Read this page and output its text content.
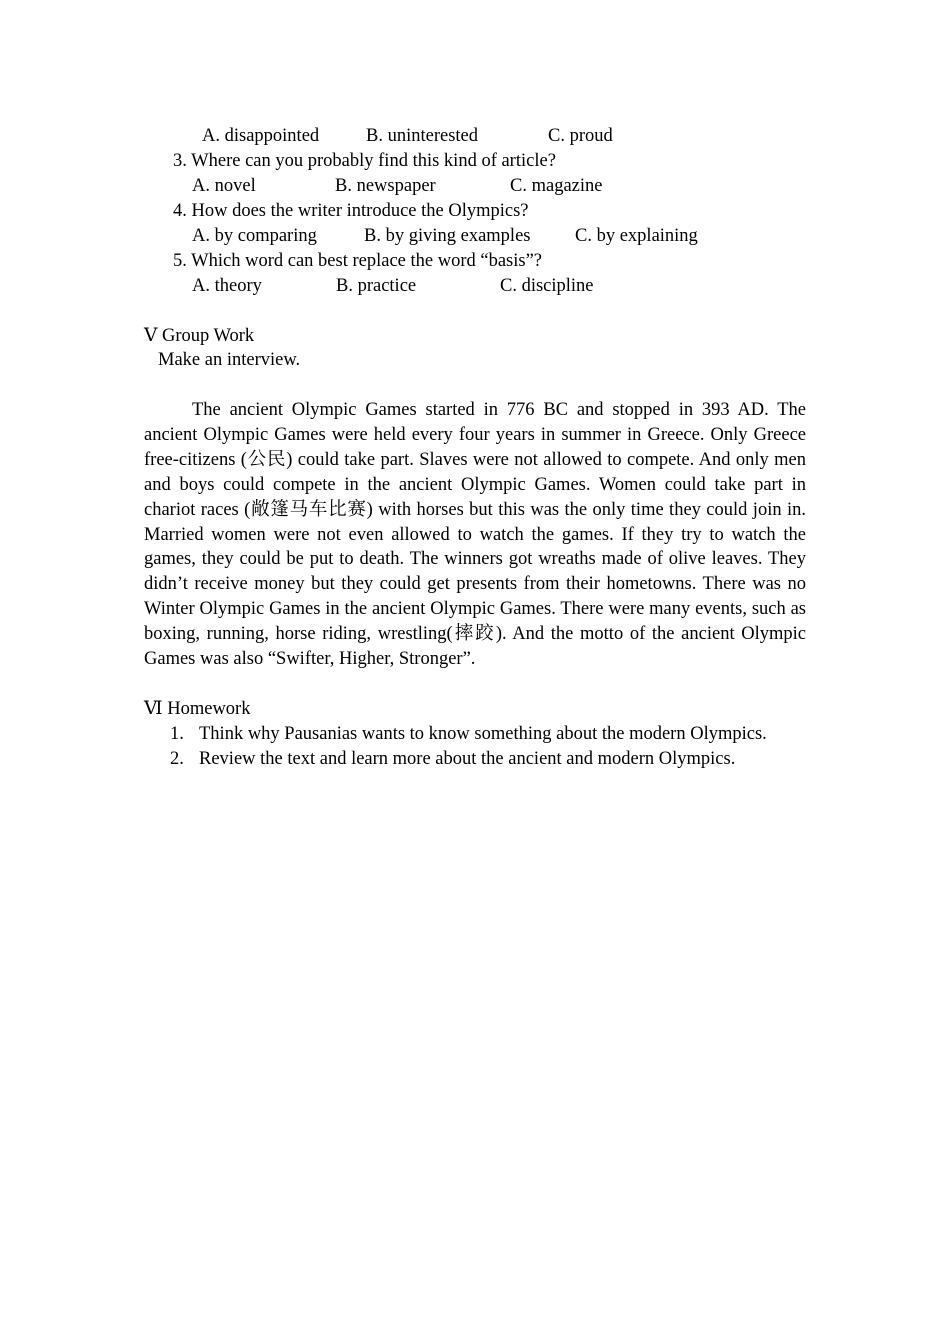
A. disappointed	B. uninterested	C. proud
3. Where can you probably find this kind of article?
A. novel	B. newspaper	C. magazine
4. How does the writer introduce the Olympics?
A. by comparing	B. by giving examples C. by explaining
5. Which word can best replace the word “basis”?
A. theory	B. practice	C. discipline
Ⅴ Group Work
Make an interview.

The ancient Olympic Games started in 776 BC and stopped in 393 AD. The ancient Olympic Games were held every four years in summer in Greece. Only Greece free-citizens (公民) could take part. Slaves were not allowed to compete. And only men and boys could compete in the ancient Olympic Games. Women could take part in chariot races (敞篷马车比赛) with horses but this was the only time they could join in. Married women were not even allowed to watch the games. If they try to watch the games, they could be put to death. The winners got wreaths made of olive leaves. They didn’t receive money but they could get presents from their hometowns. There was no Winter Olympic Games in the ancient Olympic Games. There were many events, such as boxing, running, horse riding, wrestling(摔跤). And the motto of the ancient Olympic Games was also “Swifter, Higher, Stronger”.

Ⅵ Homework
1. Think why Pausanias wants to know something about the modern Olympics.
2. Review the text and learn more about the ancient and modern Olympics.
